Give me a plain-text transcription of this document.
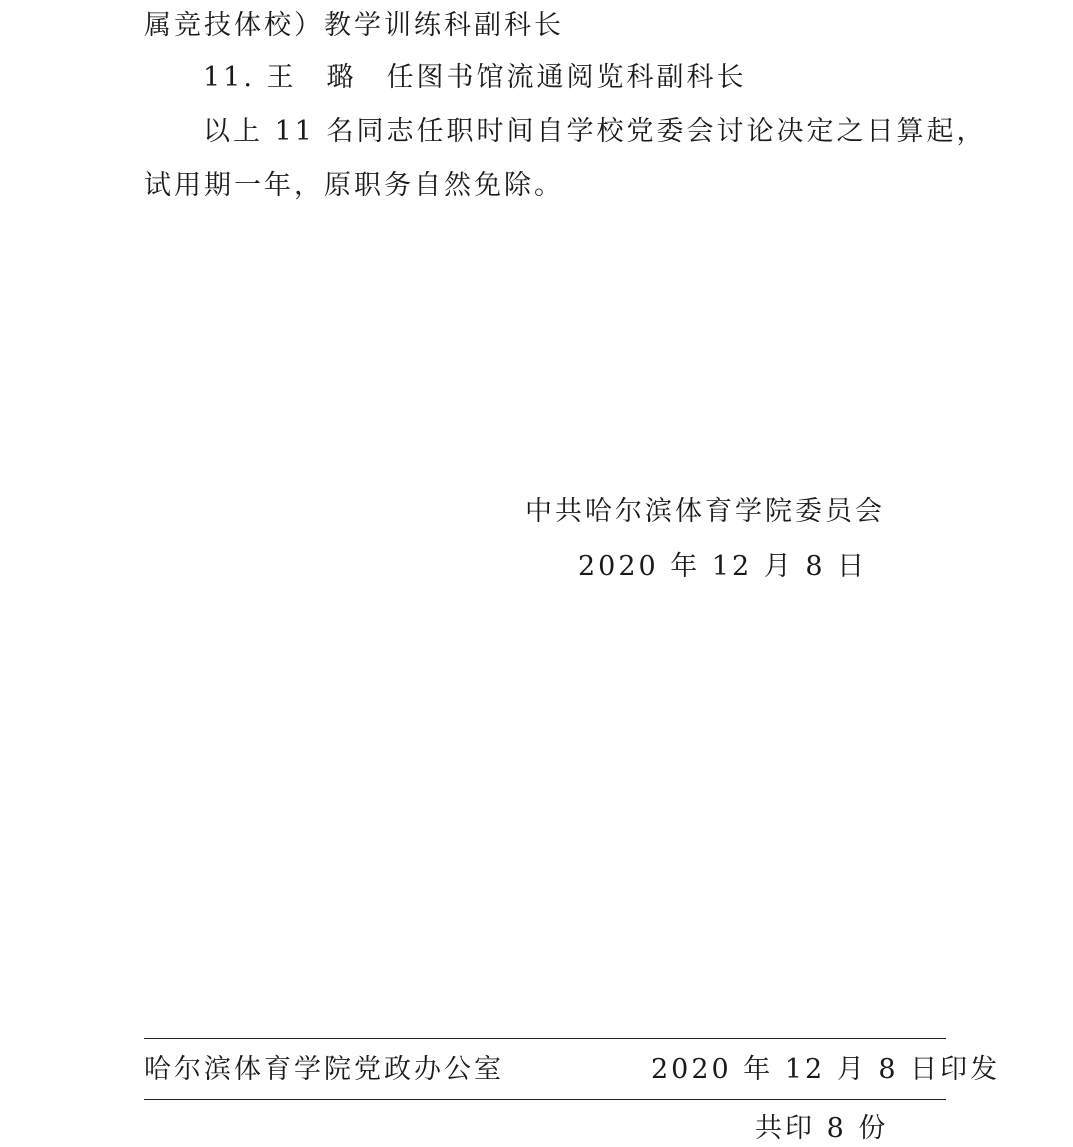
属竞技体校）教学训练科副科长
11. 王　璐　任图书馆流通阅览科副科长
以上 11 名同志任职时间自学校党委会讨论决定之日算起，
试用期一年，原职务自然免除。
中共哈尔滨体育学院委员会
2020 年 12 月 8 日
哈尔滨体育学院党政办公室	2020 年 12 月 8 日印发
共印 8 份
